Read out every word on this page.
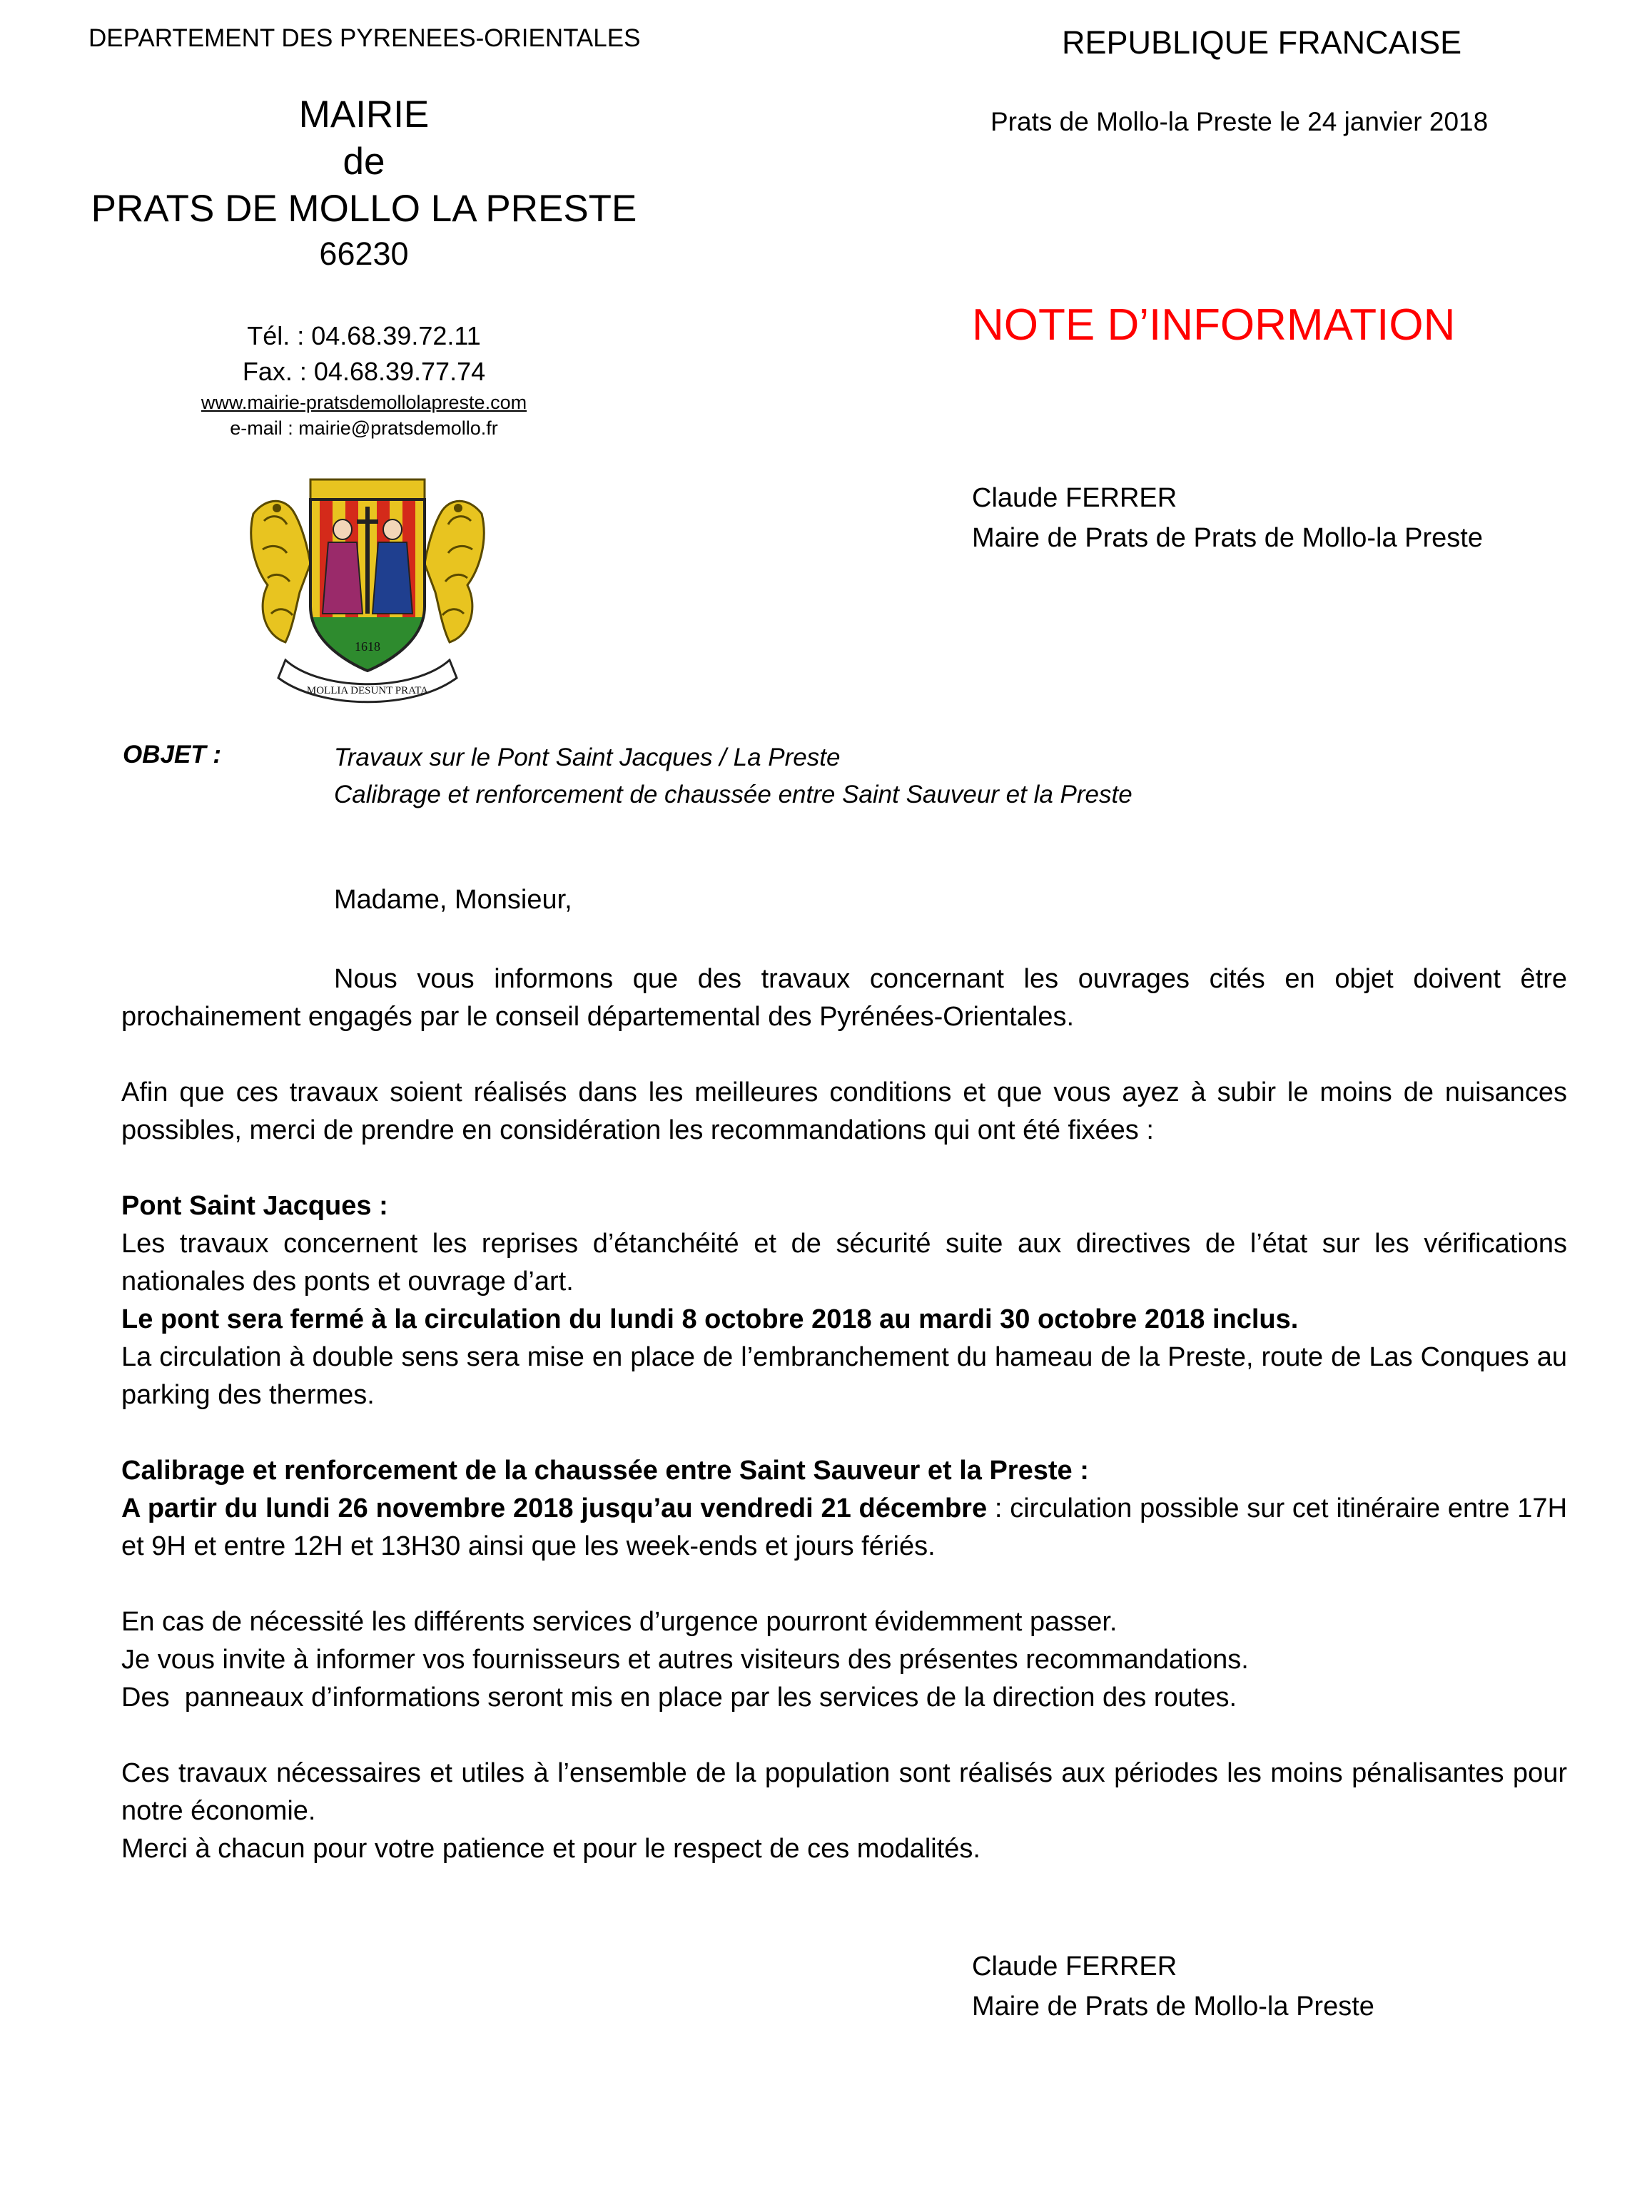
DEPARTEMENT DES PYRENEES-ORIENTALES	REPUBLIQUE FRANCAISE
MAIRIE
de
PRATS DE MOLLO LA PRESTE
66230
Tél. : 04.68.39.72.11
Fax. : 04.68.39.77.74
www.mairie-pratsdemollolapreste.com
e-mail : mairie@pratsdemollo.fr
Prats de Mollo-la Preste le 24 janvier 2018
NOTE D’INFORMATION
Claude FERRER
Maire de Prats de Prats de Mollo-la Preste
1618
MOLLIA DESUNT PRATA
OBJET :	Travaux sur le Pont Saint Jacques / La Preste
Calibrage et renforcement de chaussée entre Saint Sauveur et la Preste
Madame, Monsieur,

Nous vous informons que des travaux concernant les ouvrages cités en objet doivent être prochainement engagés par le conseil départemental des Pyrénées-Orientales.

Afin que ces travaux soient réalisés dans les meilleures conditions et que vous ayez à subir le moins de nuisances possibles, merci de prendre en considération les recommandations qui ont été fixées :

Pont Saint Jacques :
Les travaux concernent les reprises d’étanchéité et de sécurité suite aux directives de l’état sur les vérifications nationales des ponts et ouvrage d’art.
Le pont sera fermé à la circulation du lundi 8 octobre 2018 au mardi 30 octobre 2018 inclus.
La circulation à double sens sera mise en place de l’embranchement du hameau de la Preste, route de Las Conques au parking des thermes.

Calibrage et renforcement de la chaussée entre Saint Sauveur et la Preste :
A partir du lundi 26 novembre 2018 jusqu’au vendredi 21 décembre : circulation possible sur cet itinéraire entre 17H et 9H et entre 12H et 13H30 ainsi que les week-ends et jours fériés.

En cas de nécessité les différents services d’urgence pourront évidemment passer.
Je vous invite à informer vos fournisseurs et autres visiteurs des présentes recommandations.
Des  panneaux d’informations seront mis en place par les services de la direction des routes.

Ces travaux nécessaires et utiles à l’ensemble de la population sont réalisés aux périodes les moins pénalisantes pour notre économie.
Merci à chacun pour votre patience et pour le respect de ces modalités.
Claude FERRER
Maire de Prats de Mollo-la Preste
